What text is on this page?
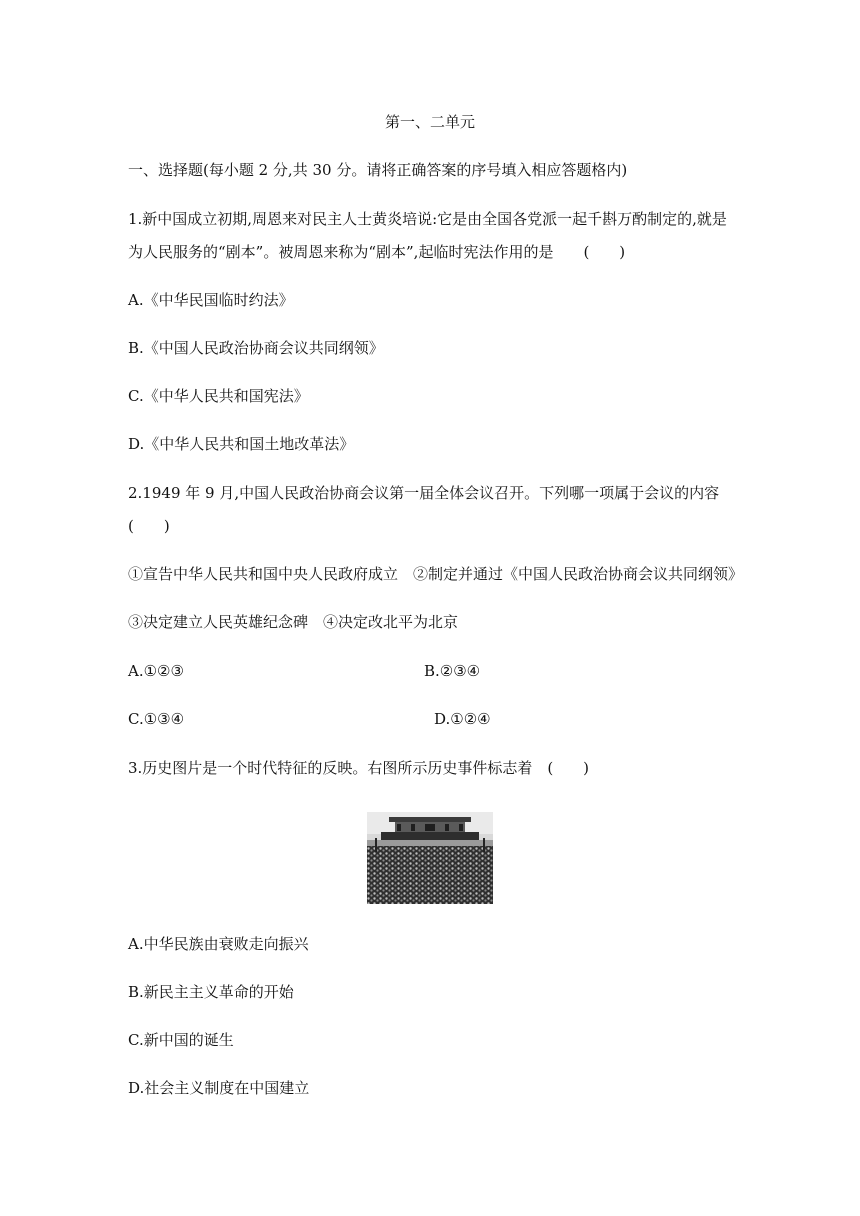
第一、二单元
一、选择题(每小题 2 分,共 30 分。请将正确答案的序号填入相应答题格内)
1.新中国成立初期,周恩来对民主人士黄炎培说:它是由全国各党派一起千斟万酌制定的,就是
为人民服务的“剧本”。被周恩来称为“剧本”,起临时宪法作用的是　　(　　)
A.《中华民国临时约法》
B.《中国人民政治协商会议共同纲领》
C.《中华人民共和国宪法》
D.《中华人民共和国土地改革法》
2.1949 年 9 月,中国人民政治协商会议第一届全体会议召开。下列哪一项属于会议的内容
(　　)
①宣告中华人民共和国中央人民政府成立　②制定并通过《中国人民政治协商会议共同纲领》
③决定建立人民英雄纪念碑　④决定改北平为北京
A.①②③	B.②③④
C.①③④	D.①②④
3.历史图片是一个时代特征的反映。右图所示历史事件标志着　(　　)
A.中华民族由衰败走向振兴
B.新民主主义革命的开始
C.新中国的诞生
D.社会主义制度在中国建立
